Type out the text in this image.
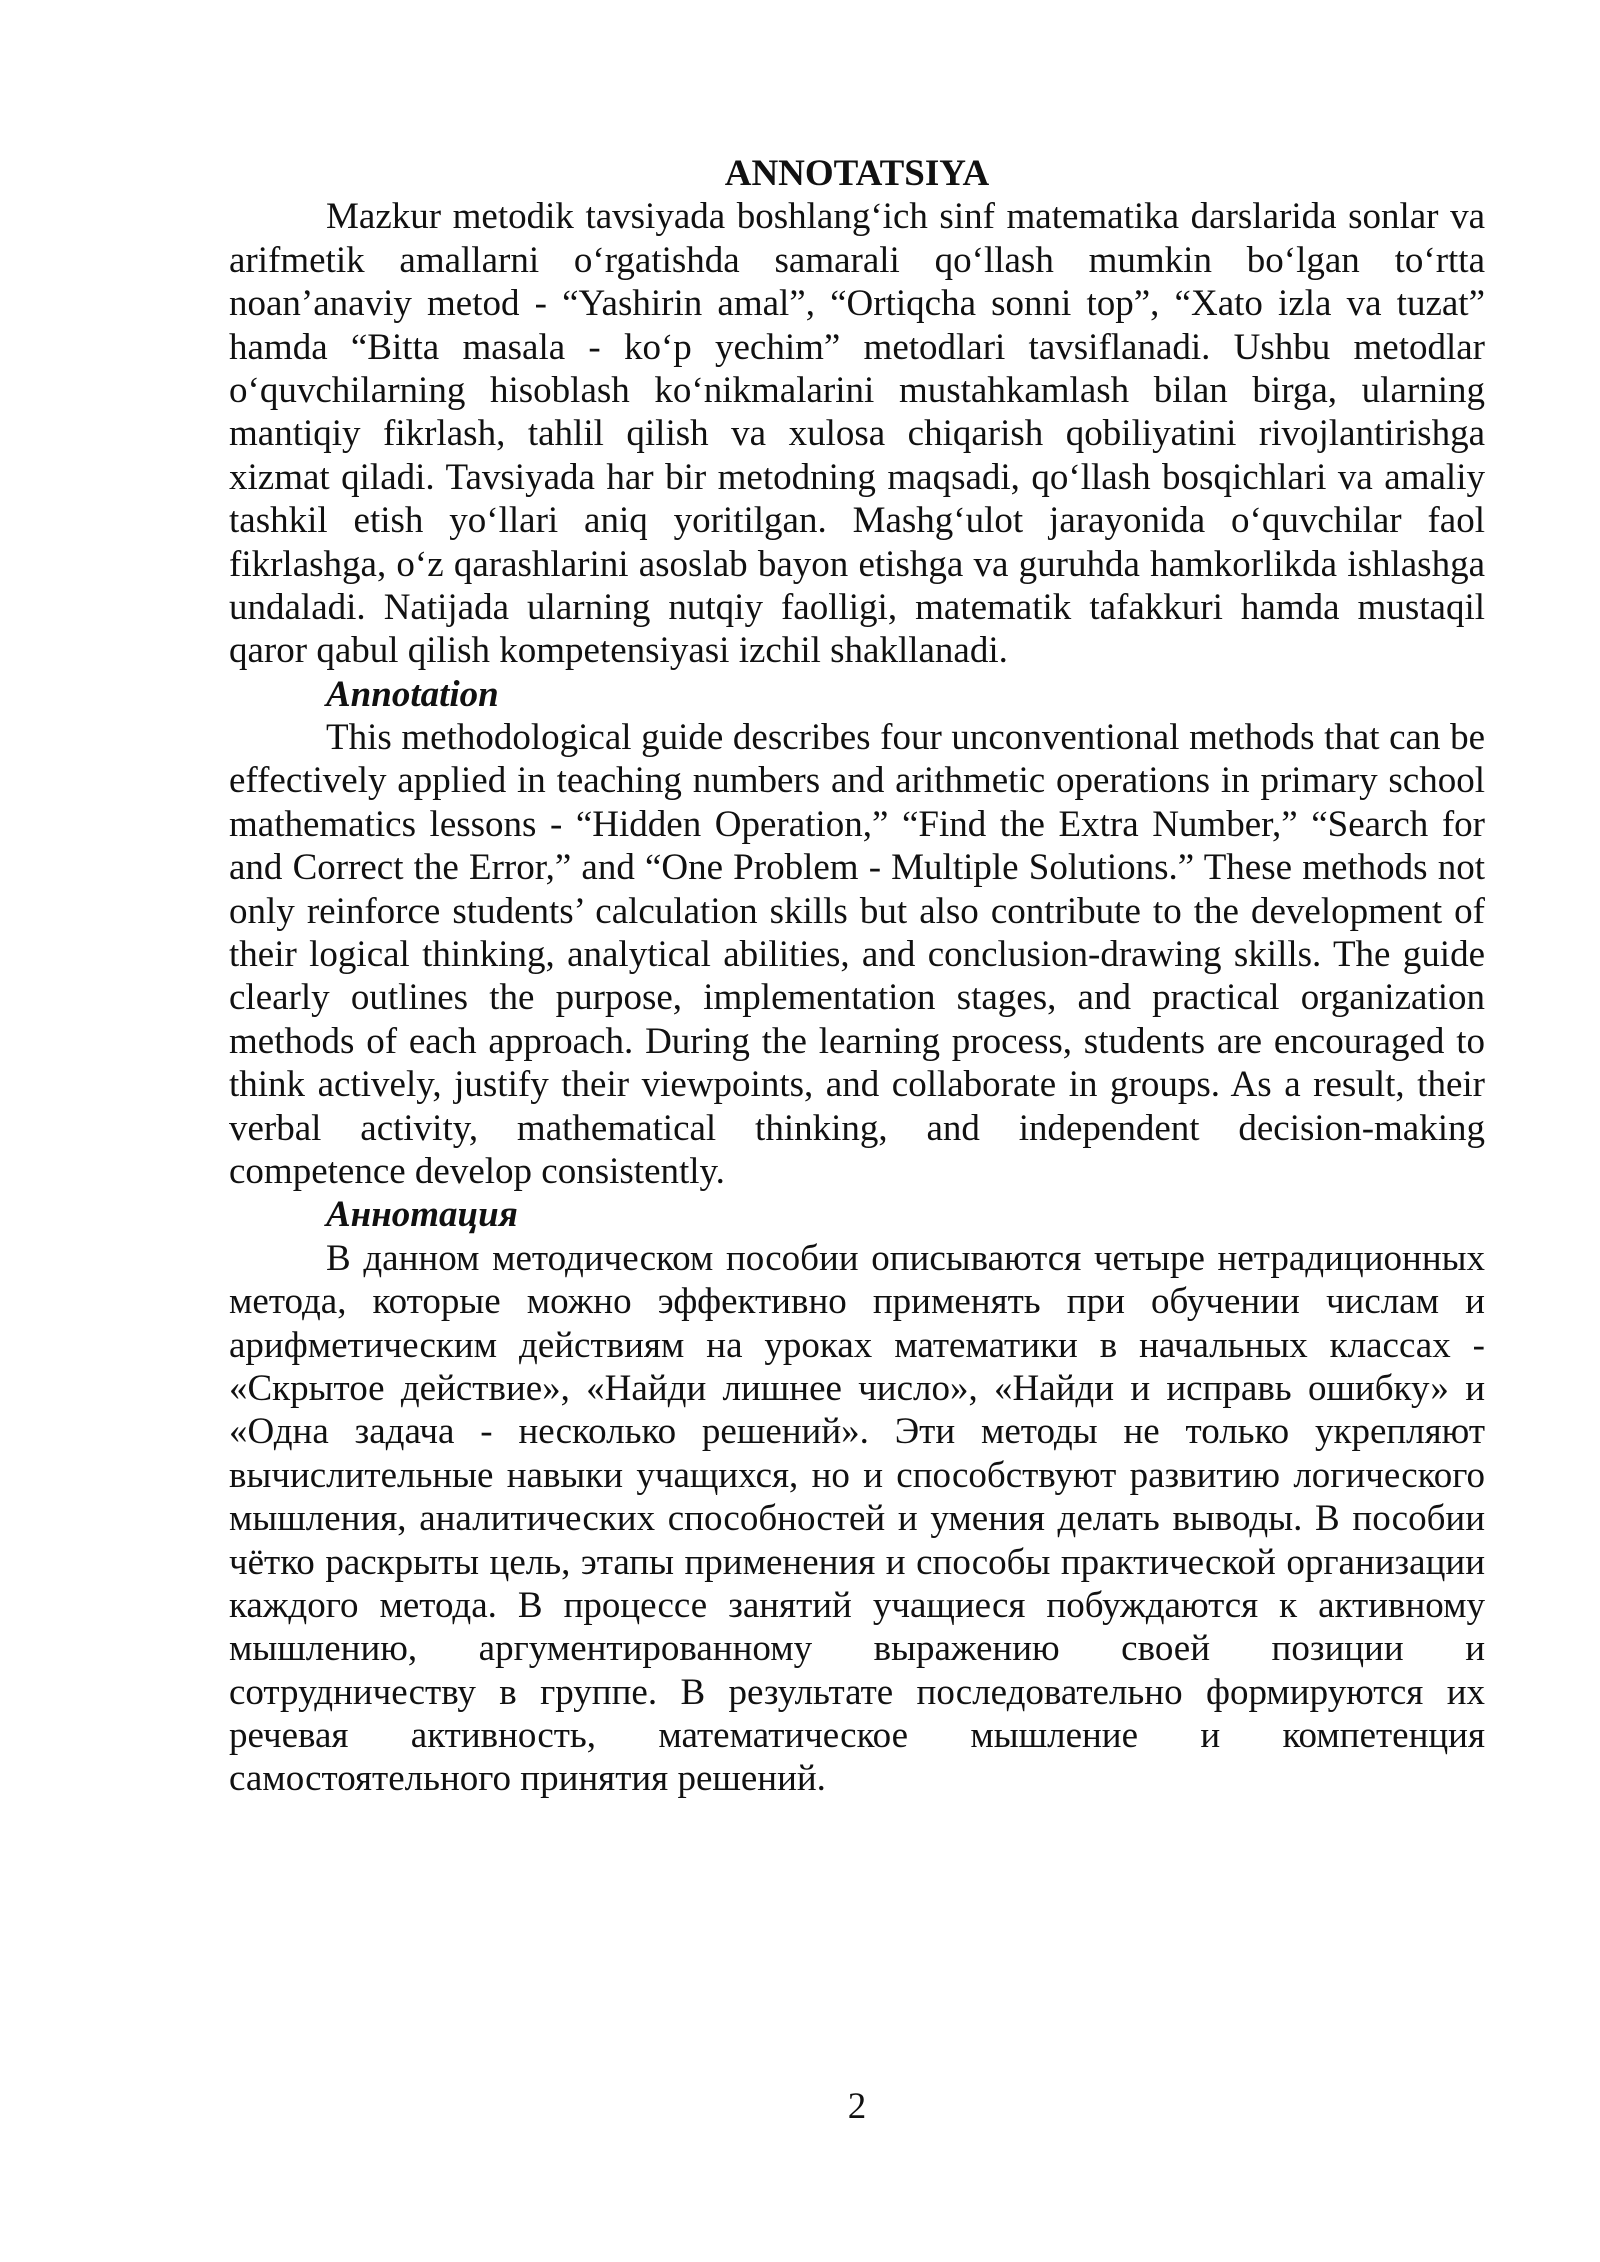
ANNOTATSIYA
Mazkur metodik tavsiyada boshlang‘ich sinf matematika darslarida sonlar va
arifmetik amallarni o‘rgatishda samarali qo‘llash mumkin bo‘lgan to‘rtta
noan’anaviy metod - “Yashirin amal”, “Ortiqcha sonni top”, “Xato izla va tuzat”
hamda “Bitta masala - ko‘p yechim” metodlari tavsiflanadi. Ushbu metodlar
o‘quvchilarning hisoblash ko‘nikmalarini mustahkamlash bilan birga, ularning
mantiqiy fikrlash, tahlil qilish va xulosa chiqarish qobiliyatini rivojlantirishga
xizmat qiladi. Tavsiyada har bir metodning maqsadi, qo‘llash bosqichlari va amaliy
tashkil etish yo‘llari aniq yoritilgan. Mashg‘ulot jarayonida o‘quvchilar faol
fikrlashga, o‘z qarashlarini asoslab bayon etishga va guruhda hamkorlikda ishlashga
undaladi. Natijada ularning nutqiy faolligi, matematik tafakkuri hamda mustaqil
qaror qabul qilish kompetensiyasi izchil shakllanadi.
Annotation
This methodological guide describes four unconventional methods that can be
effectively applied in teaching numbers and arithmetic operations in primary school
mathematics lessons - “Hidden Operation,” “Find the Extra Number,” “Search for
and Correct the Error,” and “One Problem - Multiple Solutions.” These methods not
only reinforce students’ calculation skills but also contribute to the development of
their logical thinking, analytical abilities, and conclusion-drawing skills. The guide
clearly outlines the purpose, implementation stages, and practical organization
methods of each approach. During the learning process, students are encouraged to
think actively, justify their viewpoints, and collaborate in groups. As a result, their
verbal activity, mathematical thinking, and independent decision-making
competence develop consistently.
Аннотация
В данном методическом пособии описываются четыре нетрадиционных
метода, которые можно эффективно применять при обучении числам и
арифметическим действиям на уроках математики в начальных классах -
«Скрытое действие», «Найди лишнее число», «Найди и исправь ошибку» и
«Одна задача - несколько решений». Эти методы не только укрепляют
вычислительные навыки учащихся, но и способствуют развитию логического
мышления, аналитических способностей и умения делать выводы. В пособии
чётко раскрыты цель, этапы применения и способы практической организации
каждого метода. В процессе занятий учащиеся побуждаются к активному
мышлению, аргументированному выражению своей позиции и
сотрудничеству в группе. В результате последовательно формируются их
речевая активность, математическое мышление и компетенция
самостоятельного принятия решений.
2
